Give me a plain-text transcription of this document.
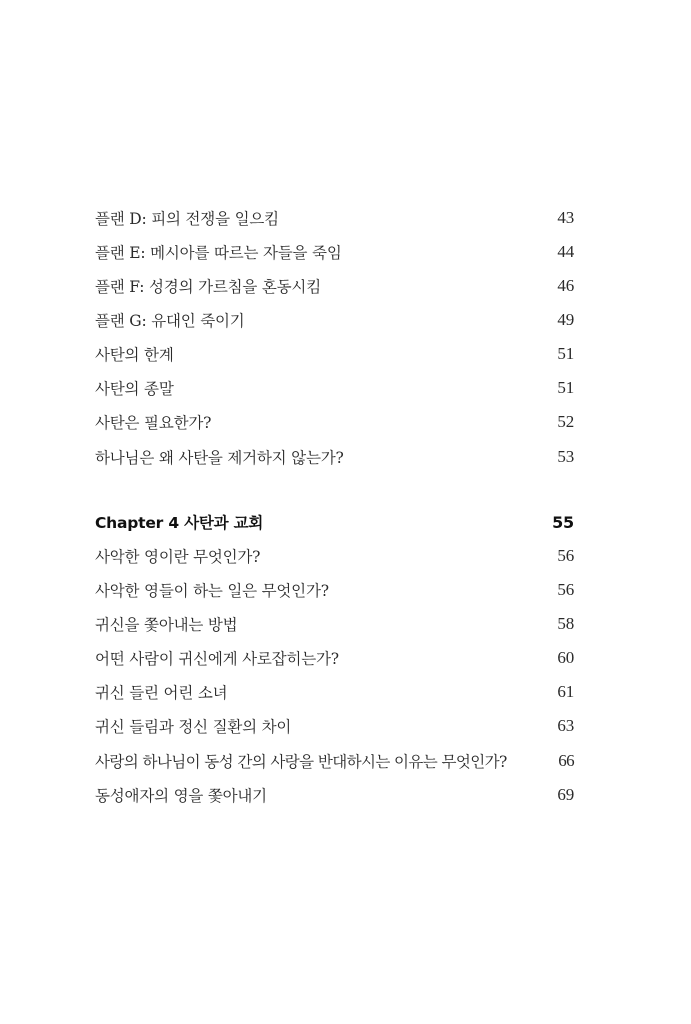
플랜 D: 피의 전쟁을 일으킴	43
플랜 E: 메시아를 따르는 자들을 죽임	44
플랜 F: 성경의 가르침을 혼동시킴	46
플랜 G: 유대인 죽이기	49
사탄의 한계	51
사탄의 종말	51
사탄은 필요한가?	52
하나님은 왜 사탄을 제거하지 않는가?	53
Chapter 4 사탄과 교회	55
사악한 영이란 무엇인가?	56
사악한 영들이 하는 일은 무엇인가?	56
귀신을 쫓아내는 방법	58
어떤 사람이 귀신에게 사로잡히는가?	60
귀신 들린 어린 소녀	61
귀신 들림과 정신 질환의 차이	63
사랑의 하나님이 동성 간의 사랑을 반대하시는 이유는 무엇인가?	66
동성애자의 영을 쫓아내기	69
